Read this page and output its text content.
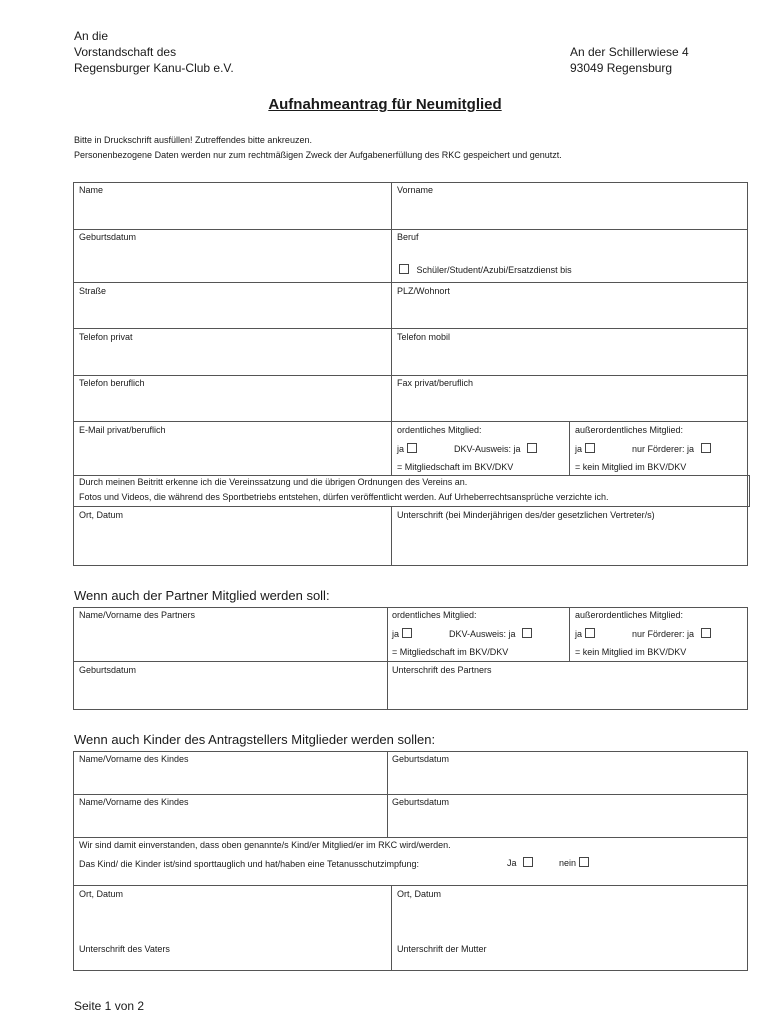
An die
Vorstandschaft des
Regensburger Kanu-Club e.V.
An der Schillerwiese 4
93049 Regensburg
Aufnahmeantrag für Neumitglied
Bitte in Druckschrift ausfüllen! Zutreffendes bitte ankreuzen.
Personenbezogene Daten werden nur zum rechtmäßigen Zweck der Aufgabenerfüllung des RKC gespeichert und genutzt.
Name	Vorname
Geburtsdatum	Beruf
Schüler/Student/Azubi/Ersatzdienst bis
Straße	PLZ/Wohnort
Telefon privat	Telefon mobil
Telefon beruflich	Fax privat/beruflich
E-Mail privat/beruflich	ordentliches Mitglied:	außerordentliches Mitglied:
ja	DKV-Ausweis: ja	ja	nur Förderer: ja
= Mitgliedschaft im BKV/DKV	= kein Mitglied im BKV/DKV
Durch meinen Beitritt erkenne ich die Vereinssatzung und die übrigen Ordnungen des Vereins an.
Fotos und Videos, die während des Sportbetriebs entstehen, dürfen veröffentlicht werden. Auf Urheberrechtsansprüche verzichte ich.
Ort, Datum	Unterschrift (bei Minderjährigen des/der gesetzlichen Vertreter/s)
Wenn auch der Partner Mitglied werden soll:
Name/Vorname des Partners	ordentliches Mitglied:	außerordentliches Mitglied:
ja	DKV-Ausweis: ja	ja	nur Förderer: ja
= Mitgliedschaft im BKV/DKV	= kein Mitglied im BKV/DKV
Geburtsdatum	Unterschrift des Partners
Wenn auch Kinder des Antragstellers Mitglieder werden sollen:
Name/Vorname des Kindes	Geburtsdatum
Name/Vorname des Kindes	Geburtsdatum
Wir sind damit einverstanden, dass oben genannte/s Kind/er Mitglied/er im RKC wird/werden.
Das Kind/ die Kinder ist/sind sporttauglich und hat/haben eine Tetanusschutzimpfung:	Ja	nein
Ort, Datum	Ort, Datum
Unterschrift des Vaters	Unterschrift der Mutter
Seite 1 von 2
